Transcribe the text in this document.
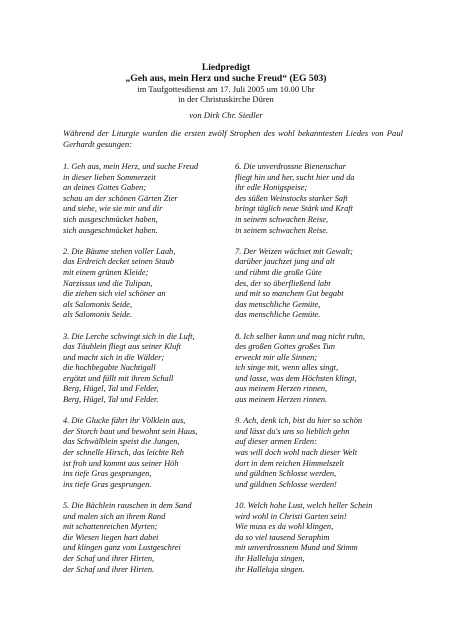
Liedpredigt
„Geh aus, mein Herz und suche Freud“ (EG 503)
im Taufgottesdienst am 17. Juli 2005 um 10.00 Uhr
in der Christuskirche Düren
von Dirk Chr. Siedler
Während der Liturgie wurden die ersten zwölf Strophen des wohl bekanntesten Liedes von Paul Gerhardt gesungen:
1. Geh aus, mein Herz, und suche Freud
in dieser lieben Sommerzeit
an deines Gottes Gaben;
schau an der schönen Gärten Zier
und siehe, wie sie mir und dir
sich ausgeschmücket haben,
sich ausgeschmücket haben.
2. Die Bäume stehen voller Laub,
das Erdreich decket seinen Staub
mit einem grünen Kleide;
Narzissus und die Tulipan,
die ziehen sich viel schöner an
als Salomonis Seide,
als Salomonis Seide.
3. Die Lerche schwingt sich in die Luft,
das Täublein fliegt aus seiner Kluft
und macht sich in die Wälder;
die hochbegabte Nachtigall
ergötzt und füllt mit ihrem Schall
Berg, Hügel, Tal und Felder,
Berg, Hügel, Tal und Felder.
4. Die Glucke führt ihr Völklein aus,
der Storch baut und bewohnt sein Haus,
das Schwälblein speist die Jungen,
der schnelle Hirsch, das leichte Reh
ist froh und kommt aus seiner Höh
ins tiefe Gras gesprungen,
ins tiefe Gras gesprungen.
5. Die Bächlein rauschen in dem Sand
und malen sich an ihrem Rand
mit schattenreichen Myrten;
die Wiesen liegen hart dabei
und klingen ganz vom Lustgeschrei
der Schaf und ihrer Hirten,
der Schaf und ihrer Hirten.
6. Die unverdrossne Bienenschar
fliegt hin und her, sucht hier und da
ihr edle Honigspeise;
des süßen Weinstocks starker Saft
bringt täglich neue Stärk und Kraft
in seinem schwachen Reise,
in seinem schwachen Reise.
7. Der Weizen wächset mit Gewalt;
darüber jauchzet jung und alt
und rühmt die große Güte
des, der so überfließend labt
und mit so manchem Gut begabt
das menschliche Gemüte,
das menschliche Gemüte.
8. Ich selber kann und mag nicht ruhn,
des großen Gottes großes Tun
erweckt mir alle Sinnen;
ich singe mit, wenn alles singt,
und lasse, was dem Höchsten klingt,
aus meinem Herzen rinnen,
aus meinem Herzen rinnen.
9. Ach, denk ich, bist du hier so schön
und lässt du's uns so lieblich gehn
auf dieser armen Erden:
was will doch wohl nach dieser Welt
dort in dem reichen Himmelszelt
und güldnen Schlosse werden,
und güldnen Schlosse werden!
10. Welch hohe Lust, welch heller Schein
wird wohl in Christi Garten sein!
Wie muss es da wohl klingen,
da so viel tausend Seraphim
mit unverdrossnem Mund und Stimm
ihr Halleluja singen,
ihr Halleluja singen.
